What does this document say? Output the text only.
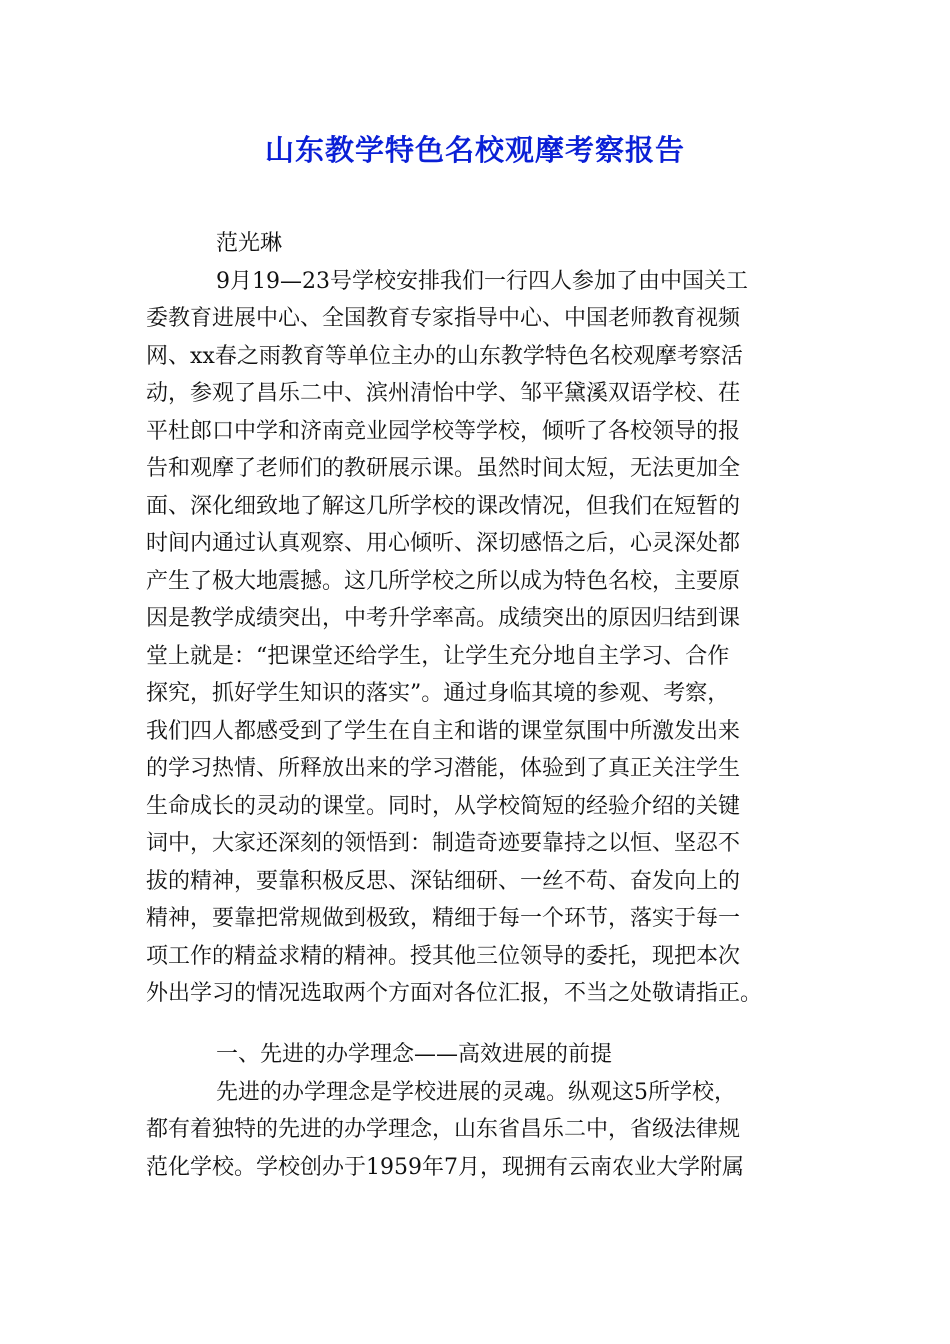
山东教学特色名校观摩考察报告
范光琳
9月19—23号学校安排我们一行四人参加了由中国关工
委教育进展中心、全国教育专家指导中心、中国老师教育视频
网、xx春之雨教育等单位主办的山东教学特色名校观摩考察活
动，参观了昌乐二中、滨州清怡中学、邹平黛溪双语学校、茌
平杜郎口中学和济南竞业园学校等学校，倾听了各校领导的报
告和观摩了老师们的教研展示课。虽然时间太短，无法更加全
面、深化细致地了解这几所学校的课改情况，但我们在短暂的
时间内通过认真观察、用心倾听、深切感悟之后，心灵深处都
产生了极大地震撼。这几所学校之所以成为特色名校，主要原
因是教学成绩突出，中考升学率高。成绩突出的原因归结到课
堂上就是：“把课堂还给学生，让学生充分地自主学习、合作
探究，抓好学生知识的落实”。通过身临其境的参观、考察，
我们四人都感受到了学生在自主和谐的课堂氛围中所激发出来
的学习热情、所释放出来的学习潜能，体验到了真正关注学生
生命成长的灵动的课堂。同时，从学校简短的经验介绍的关键
词中，大家还深刻的领悟到：制造奇迹要靠持之以恒、坚忍不
拔的精神，要靠积极反思、深钻细研、一丝不苟、奋发向上的
精神，要靠把常规做到极致，精细于每一个环节，落实于每一
项工作的精益求精的精神。授其他三位领导的委托，现把本次
外出学习的情况选取两个方面对各位汇报，不当之处敬请指正。
一、先进的办学理念——高效进展的前提
先进的办学理念是学校进展的灵魂。纵观这5所学校，
都有着独特的先进的办学理念，山东省昌乐二中，省级法律规
范化学校。学校创办于1959年7月，现拥有云南农业大学附属
